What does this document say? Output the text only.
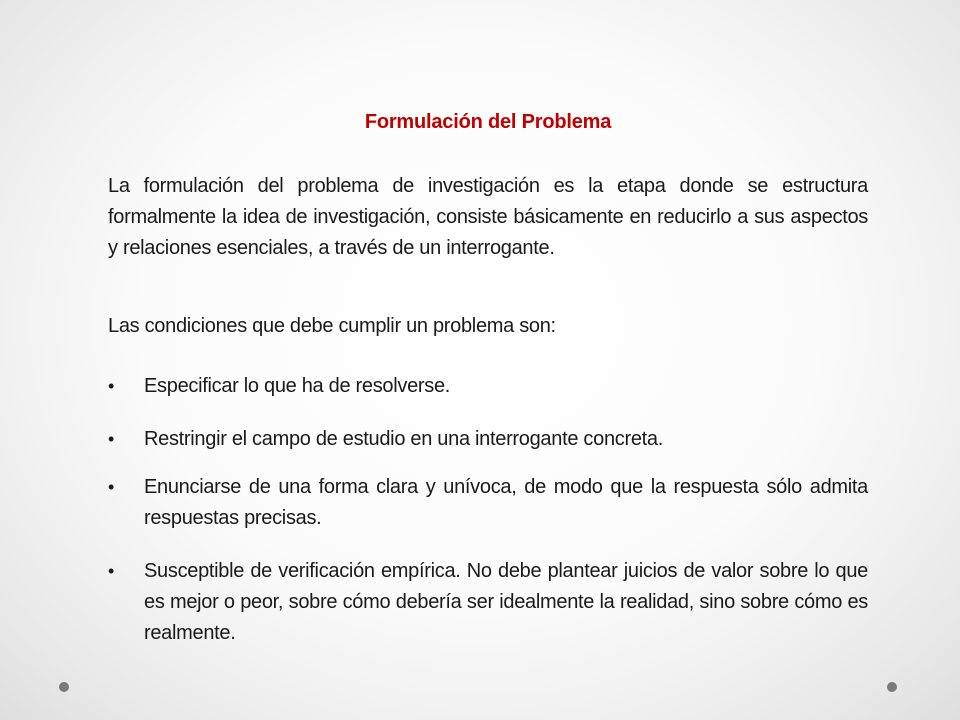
Formulación del Problema

La formulación del problema de investigación es la etapa donde se estructura formalmente la idea de investigación, consiste básicamente en reducirlo a sus aspectos y relaciones esenciales, a través de un interrogante.

Las condiciones que debe cumplir un problema son:

•	Especificar lo que ha de resolverse.
•	Restringir el campo de estudio en una interrogante concreta.
•	Enunciarse de una forma clara y unívoca, de modo que la respuesta sólo admita respuestas precisas.
•	Susceptible de verificación empírica. No debe plantear juicios de valor sobre lo que es mejor o peor, sobre cómo debería ser idealmente la realidad, sino sobre cómo es realmente.
